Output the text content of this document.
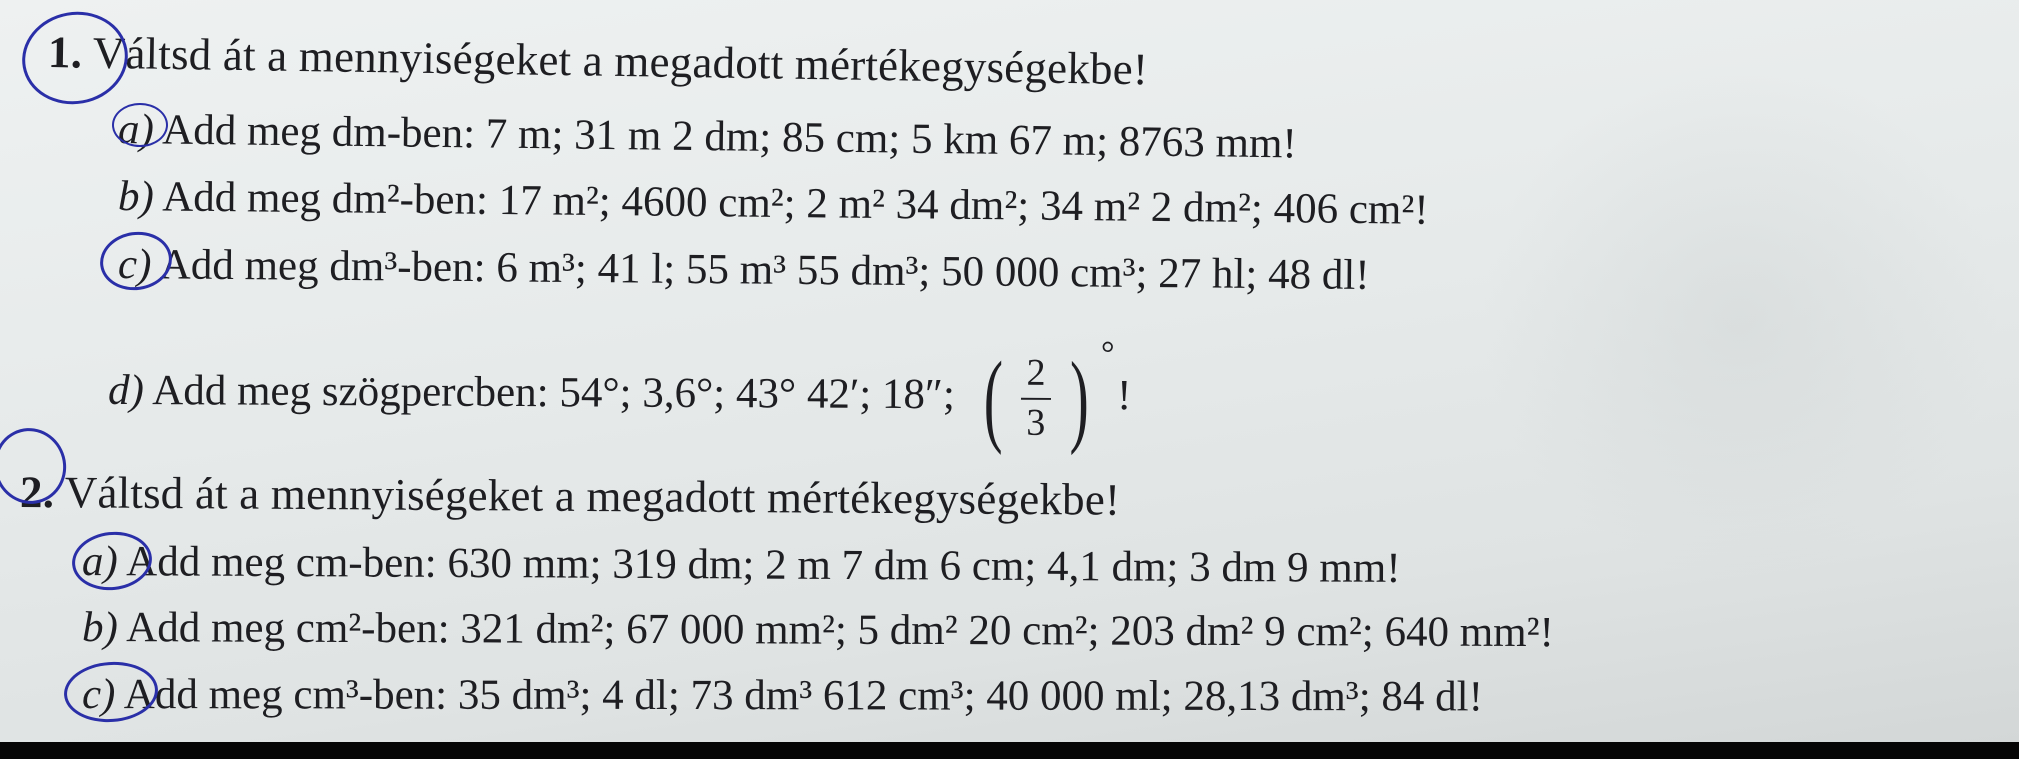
1. Váltsd át a mennyiségeket a megadott mértékegységekbe!
a) Add meg dm-ben: 7 m; 31 m 2 dm; 85 cm; 5 km 67 m; 8763 mm!
b) Add meg dm²-ben: 17 m²; 4600 cm²; 2 m² 34 dm²; 34 m² 2 dm²; 406 cm²!
c) Add meg dm³-ben: 6 m³; 41 l; 55 m³ 55 dm³; 50 000 cm³; 27 hl; 48 dl!
d) Add meg szögpercben: 54°; 3,6°; 43° 42′; 18″; ( $\frac{2}{3}$ ) °
!
2. Váltsd át a mennyiségeket a megadott mértékegységekbe!
a) Add meg cm-ben: 630 mm; 319 dm; 2 m 7 dm 6 cm; 4,1 dm; 3 dm 9 mm!
b) Add meg cm²-ben: 321 dm²; 67 000 mm²; 5 dm² 20 cm²; 203 dm² 9 cm²; 640 mm²!
c) Add meg cm³-ben: 35 dm³; 4 dl; 73 dm³ 612 cm³; 40 000 ml; 28,13 dm³; 84 dl!
